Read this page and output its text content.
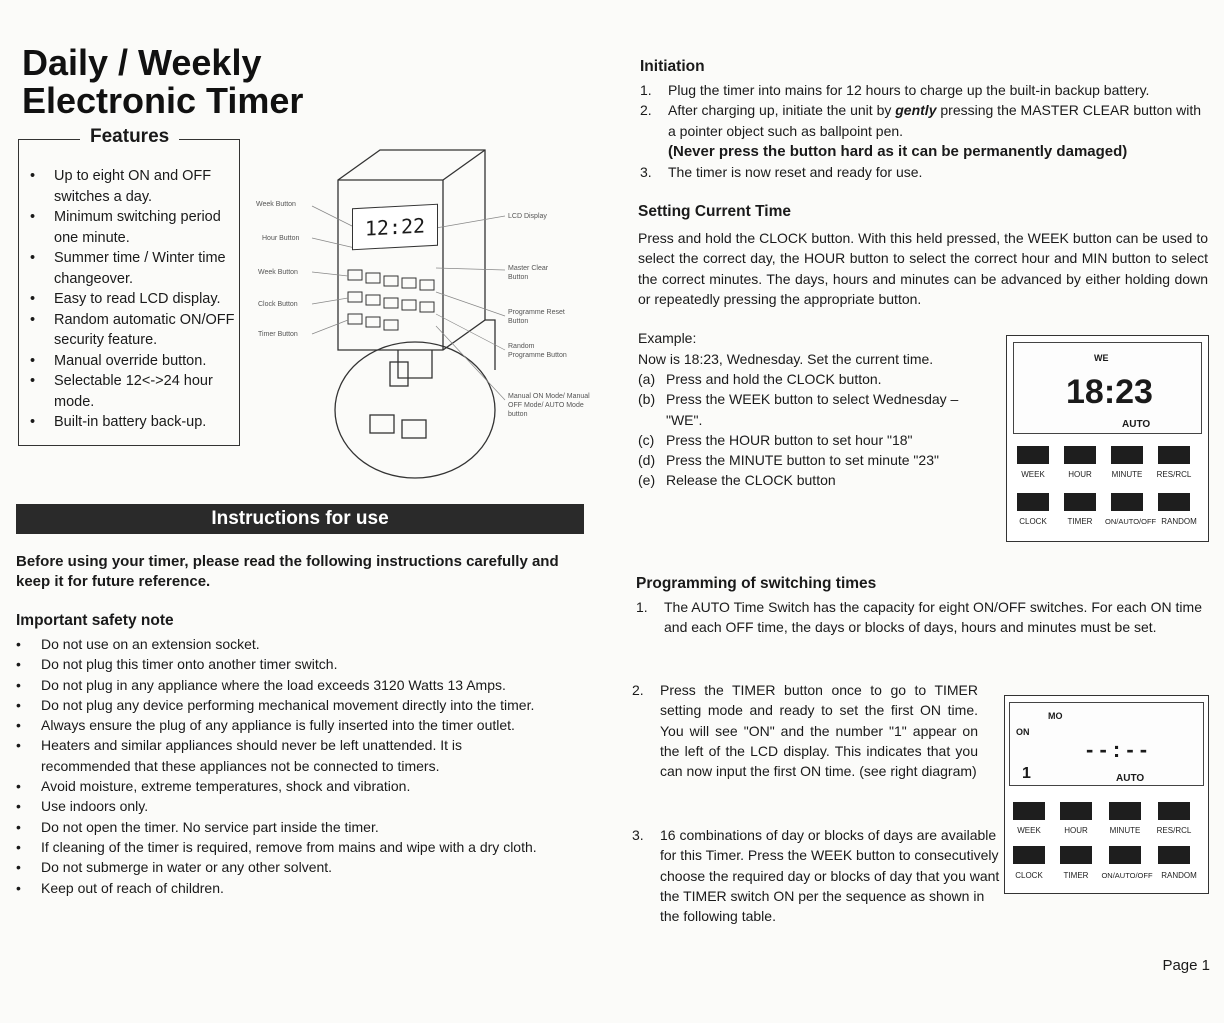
Daily / Weekly
Electronic Timer
Features
• Up to eight ON and OFF switches a day.
• Minimum switching period one minute.
• Summer time / Winter time changeover.
• Easy to read LCD display.
• Random automatic ON/OFF security feature.
• Manual override button.
• Selectable 12<->24 hour mode.
• Built-in battery back-up.
12:22
Week Button
Hour Button
Week Button
Clock Button
Timer Button
LCD Display
Master Clear Button
Programme Reset Button
Random Programme Button
Manual ON Mode/ Manual OFF Mode/ AUTO Mode button
Instructions for use
Before using your timer, please read the following instructions carefully and keep it for future reference.
Important safety note
• Do not use on an extension socket.
• Do not plug this timer onto another timer switch.
• Do not plug in any appliance where the load exceeds 3120 Watts 13 Amps.
• Do not plug any device performing mechanical movement directly into the timer.
• Always ensure the plug of any appliance is fully inserted into the timer outlet.
• Heaters and similar appliances should never be left unattended. It is recommended that these appliances not be connected to timers.
• Avoid moisture, extreme temperatures, shock and vibration.
• Use indoors only.
• Do not open the timer. No service part inside the timer.
• If cleaning of the timer is required, remove from mains and wipe with a dry cloth.
• Do not submerge in water or any other solvent.
• Keep out of reach of children.
Initiation
1. Plug the timer into mains for 12 hours to charge up the built-in backup battery.
2. After charging up, initiate the unit by gently pressing the MASTER CLEAR button with a pointer object such as ballpoint pen.
(Never press the button hard as it can be permanently damaged)
3. The timer is now reset and ready for use.
Setting Current Time
Press and hold the CLOCK button. With this held pressed, the WEEK button can be used to select the correct day, the HOUR button to select the correct hour and MIN button to select the correct minutes. The days, hours and minutes can be advanced by either holding down or repeatedly pressing the appropriate button.
Example:
Now is 18:23, Wednesday. Set the current time.
(a) Press and hold the CLOCK button.
(b) Press the WEEK button to select Wednesday – "WE".
(c) Press the HOUR button to set hour "18"
(d) Press the MINUTE button to set minute "23"
(e) Release the CLOCK button
WE
18:23
AUTO
WEEK	HOUR	MINUTE	RES/RCL
CLOCK	TIMER	ON/AUTO/OFF RANDOM
Programming of switching times
1. The AUTO Time Switch has the capacity for eight ON/OFF switches. For each ON time and each OFF time, the days or blocks of days, hours and minutes must be set.
2. Press the TIMER button once to go to TIMER setting mode and ready to set the first ON time. You will see "ON" and the number "1" appear on the left of the LCD display. This indicates that you can now input the first ON time. (see right diagram)
3. 16 combinations of day or blocks of days are available for this Timer. Press the WEEK button to consecutively choose the required day or blocks of day that you want the TIMER switch ON per the sequence as shown in the following table.
MO
ON
- - : - -
1	AUTO
WEEK	HOUR	MINUTE	RES/RCL
CLOCK	TIMER	ON/AUTO/OFF	RANDOM
Page 1
